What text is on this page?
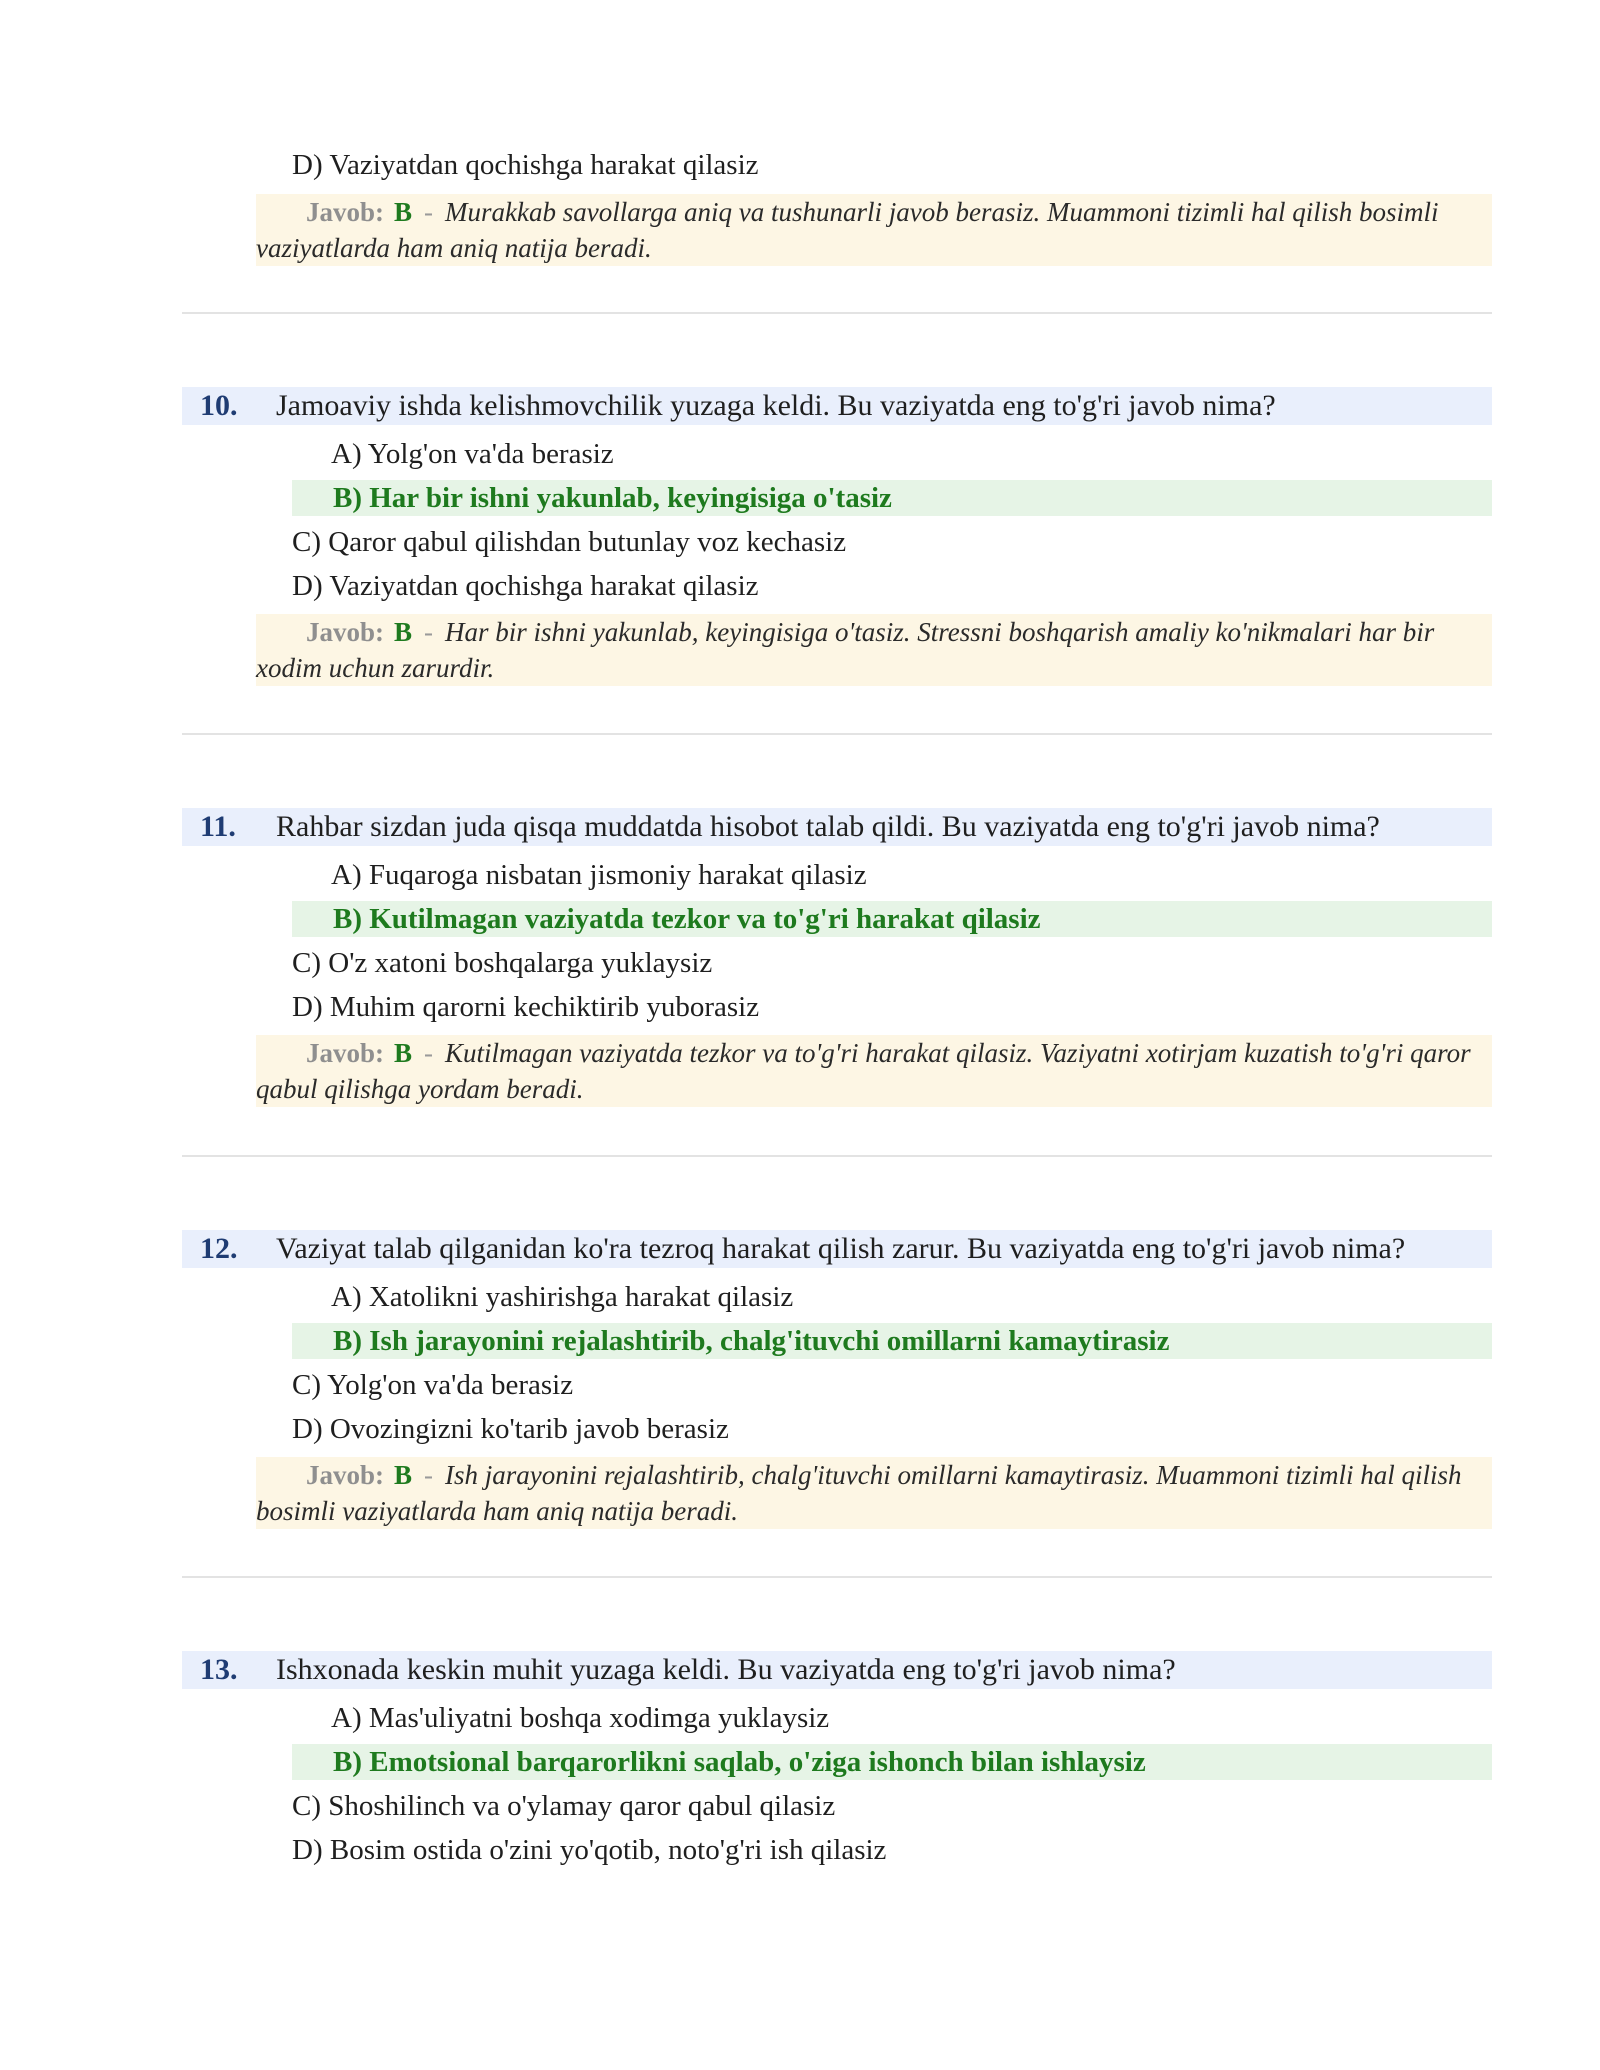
D) Vaziyatdan qochishga harakat qilasiz
Javob: B - Murakkab savollarga aniq va tushunarli javob berasiz. Muammoni tizimli hal qilish bosimli vaziyatlarda ham aniq natija beradi.
10. Jamoaviy ishda kelishmovchilik yuzaga keldi. Bu vaziyatda eng to'g'ri javob nima?
A) Yolg'on va'da berasiz
B) Har bir ishni yakunlab, keyingisiga o'tasiz
C) Qaror qabul qilishdan butunlay voz kechasiz
D) Vaziyatdan qochishga harakat qilasiz
Javob: B - Har bir ishni yakunlab, keyingisiga o'tasiz. Stressni boshqarish amaliy ko'nikmalari har bir xodim uchun zarurdir.
11. Rahbar sizdan juda qisqa muddatda hisobot talab qildi. Bu vaziyatda eng to'g'ri javob nima?
A) Fuqaroga nisbatan jismoniy harakat qilasiz
B) Kutilmagan vaziyatda tezkor va to'g'ri harakat qilasiz
C) O'z xatoni boshqalarga yuklaysiz
D) Muhim qarorni kechiktirib yuborasiz
Javob: B - Kutilmagan vaziyatda tezkor va to'g'ri harakat qilasiz. Vaziyatni xotirjam kuzatish to'g'ri qaror qabul qilishga yordam beradi.
12. Vaziyat talab qilganidan ko'ra tezroq harakat qilish zarur. Bu vaziyatda eng to'g'ri javob nima?
A) Xatolikni yashirishga harakat qilasiz
B) Ish jarayonini rejalashtirib, chalg'ituvchi omillarni kamaytirasiz
C) Yolg'on va'da berasiz
D) Ovozingizni ko'tarib javob berasiz
Javob: B - Ish jarayonini rejalashtirib, chalg'ituvchi omillarni kamaytirasiz. Muammoni tizimli hal qilish bosimli vaziyatlarda ham aniq natija beradi.
13. Ishxonada keskin muhit yuzaga keldi. Bu vaziyatda eng to'g'ri javob nima?
A) Mas'uliyatni boshqa xodimga yuklaysiz
B) Emotsional barqarorlikni saqlab, o'ziga ishonch bilan ishlaysiz
C) Shoshilinch va o'ylamay qaror qabul qilasiz
D) Bosim ostida o'zini yo'qotib, noto'g'ri ish qilasiz
